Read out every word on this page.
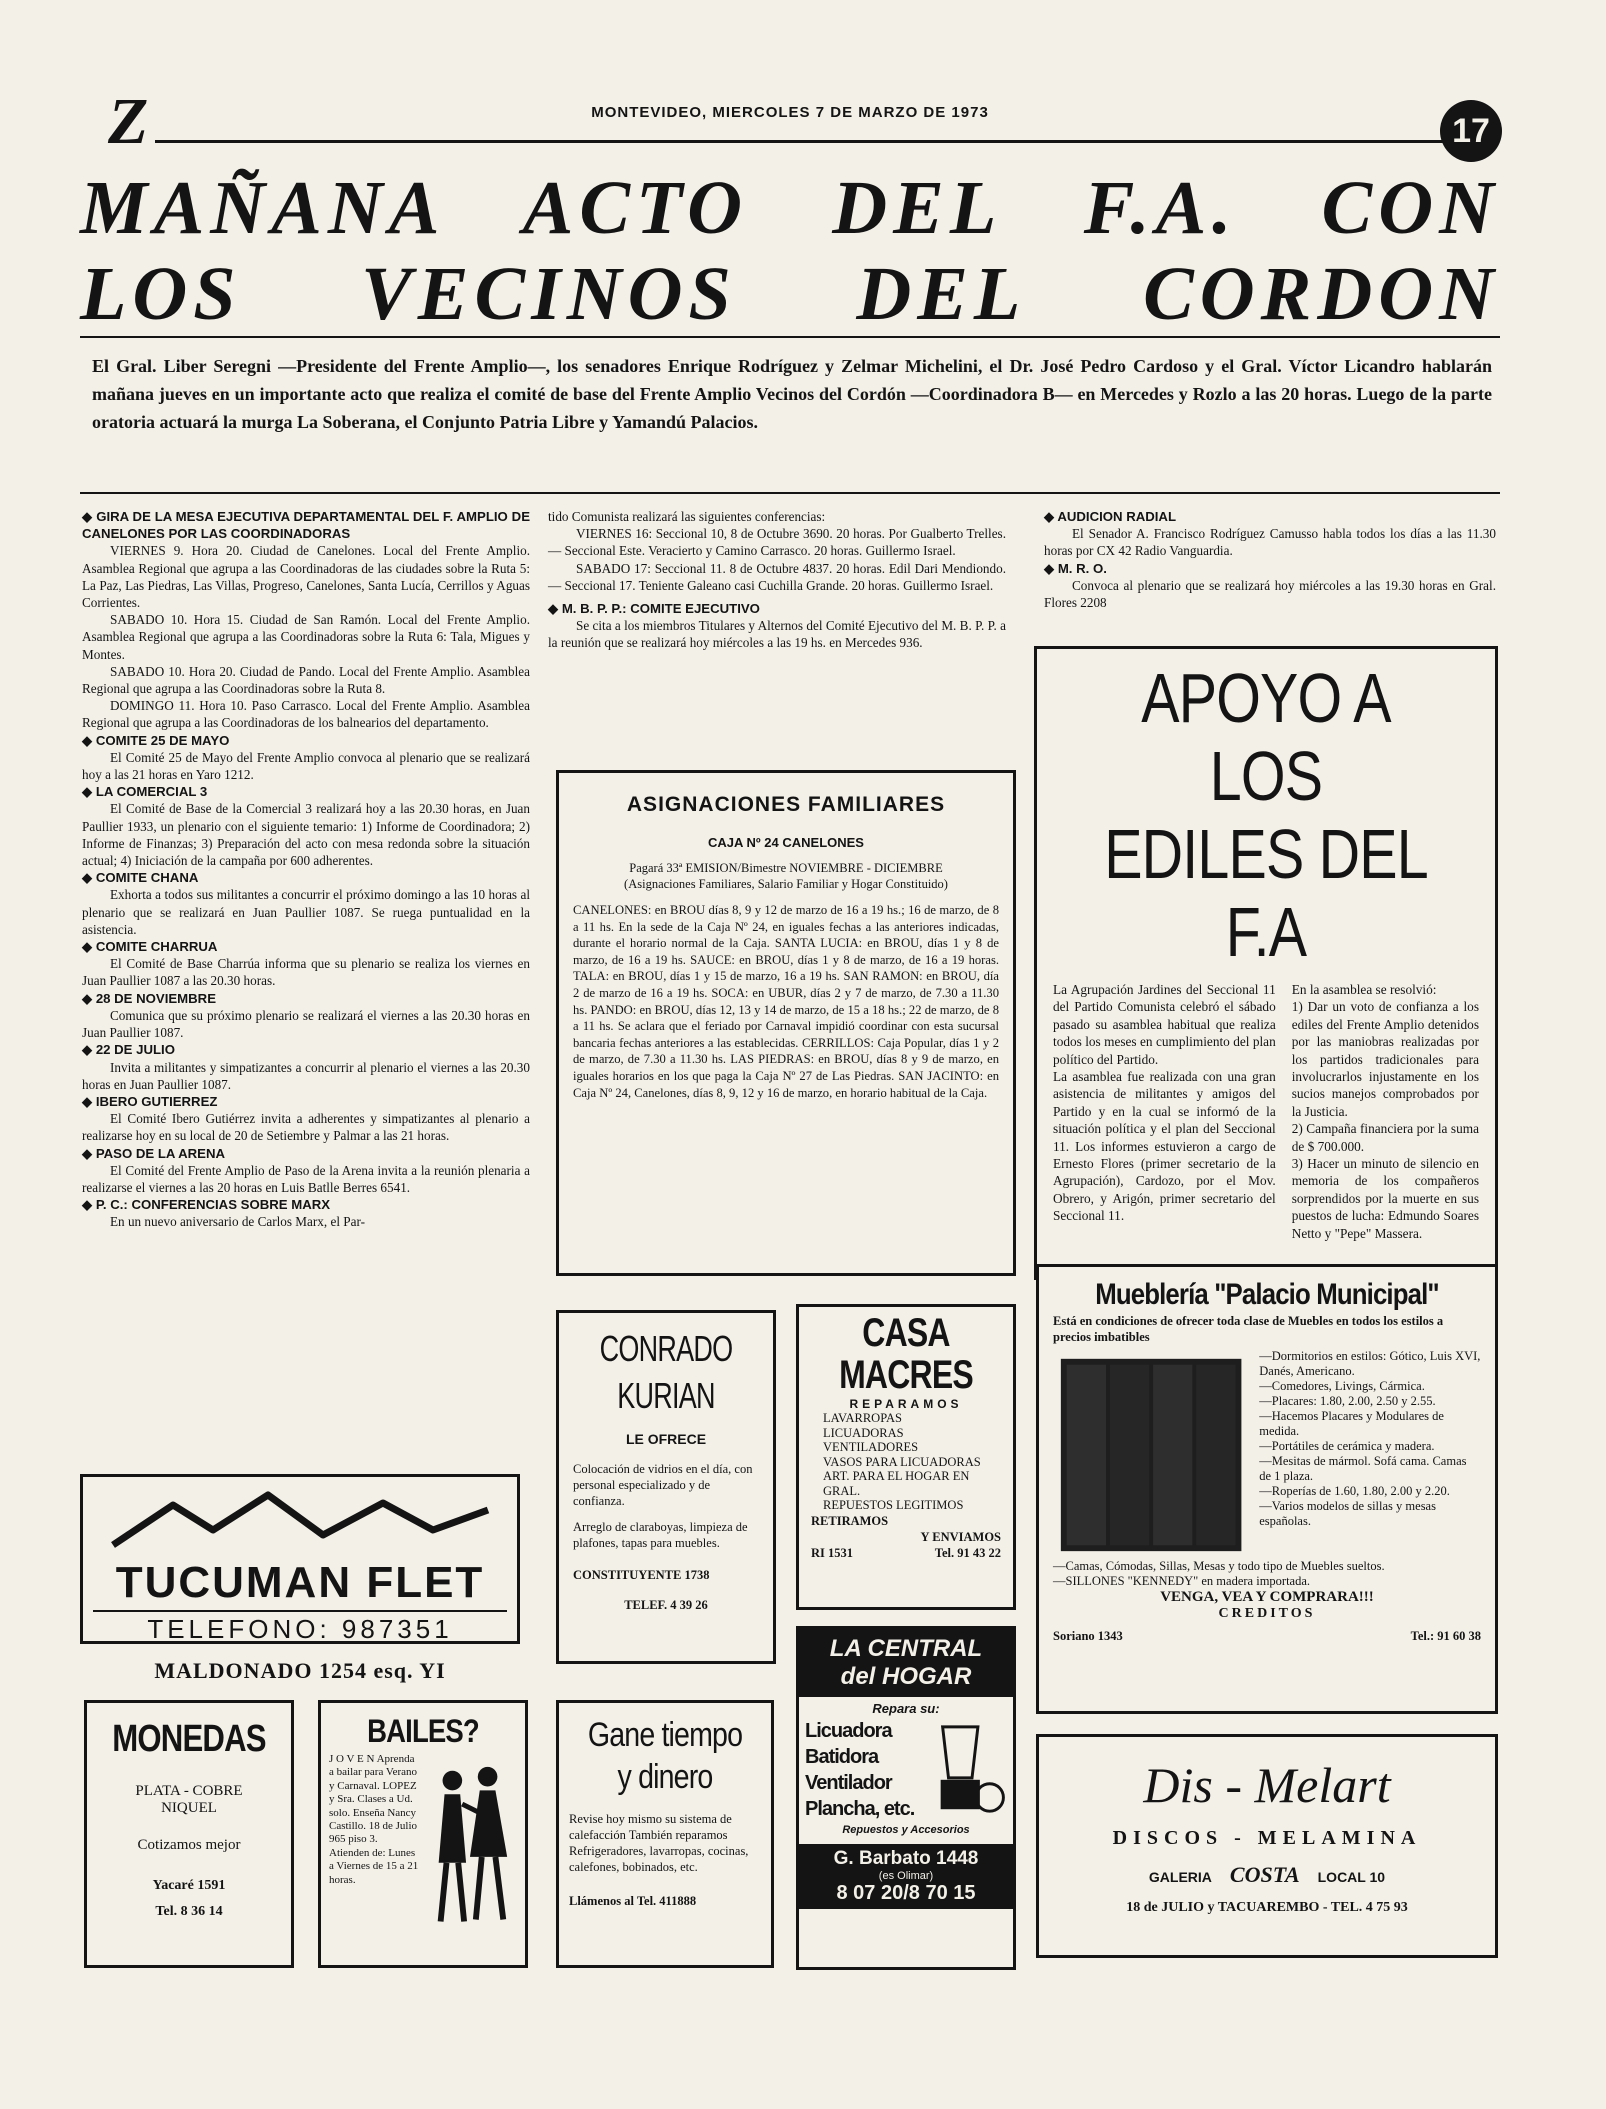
Z	MONTEVIDEO, MIERCOLES 7 DE MARZO DE 1973	17
MAÑANA ACTO DEL F.A. CON
LOS VECINOS DEL CORDON
El Gral. Liber Seregni —Presidente del Frente Amplio—, los senadores Enrique Rodríguez y Zelmar Michelini, el Dr. José Pedro Cardoso y el Gral. Víctor Licandro hablarán mañana jueves en un importante acto que realiza el comité de base del Frente Amplio Vecinos del Cordón —Coordinadora B— en Mercedes y Rozlo a las 20 horas. Luego de la parte oratoria actuará la murga La Soberana, el Conjunto Patria Libre y Yamandú Palacios.

◆ GIRA DE LA MESA EJECUTIVA DEPARTAMENTAL DEL F. AMPLIO DE CANELONES POR LAS COORDINADORAS

VIERNES 9. Hora 20. Ciudad de Canelones. Local del Frente Amplio. Asamblea Regional que agrupa a las Coordinadoras de las ciudades sobre la Ruta 5: La Paz, Las Piedras, Las Villas, Progreso, Canelones, Santa Lucía, Cerrillos y Aguas Corrientes.

SABADO 10. Hora 15. Ciudad de San Ramón. Local del Frente Amplio. Asamblea Regional que agrupa a las Coordinadoras sobre la Ruta 6: Tala, Migues y Montes.

SABADO 10. Hora 20. Ciudad de Pando. Local del Frente Amplio. Asamblea Regional que agrupa a las Coordinadoras sobre la Ruta 8.

DOMINGO 11. Hora 10. Paso Carrasco. Local del Frente Amplio. Asamblea Regional que agrupa a las Coordinadoras de los balnearios del departamento.

◆ COMITE 25 DE MAYO

El Comité 25 de Mayo del Frente Amplio convoca al plenario que se realizará hoy a las 21 horas en Yaro 1212.

◆ LA COMERCIAL 3

El Comité de Base de la Comercial 3 realizará hoy a las 20.30 horas, en Juan Paullier 1933, un plenario con el siguiente temario: 1) Informe de Coordinadora; 2) Informe de Finanzas; 3) Preparación del acto con mesa redonda sobre la situación actual; 4) Iniciación de la campaña por 600 adherentes.

◆ COMITE CHANA

Exhorta a todos sus militantes a concurrir el próximo domingo a las 10 horas al plenario que se realizará en Juan Paullier 1087. Se ruega puntualidad en la asistencia.

◆ COMITE CHARRUA

El Comité de Base Charrúa informa que su plenario se realiza los viernes en Juan Paullier 1087 a las 20.30 horas.

◆ 28 DE NOVIEMBRE

Comunica que su próximo plenario se realizará el viernes a las 20.30 horas en Juan Paullier 1087.

◆ 22 DE JULIO

Invita a militantes y simpatizantes a concurrir al plenario el viernes a las 20.30 horas en Juan Paullier 1087.

◆ IBERO GUTIERREZ

El Comité Ibero Gutiérrez invita a adherentes y simpatizantes al plenario a realizarse hoy en su local de 20 de Setiembre y Palmar a las 21 horas.

◆ PASO DE LA ARENA

El Comité del Frente Amplio de Paso de la Arena invita a la reunión plenaria a realizarse el viernes a las 20 horas en Luis Batlle Berres 6541.

◆ P. C.: CONFERENCIAS SOBRE MARX

En un nuevo aniversario de Carlos Marx, el Par-

tido Comunista realizará las siguientes conferencias:

VIERNES 16: Seccional 10, 8 de Octubre 3690. 20 horas. Por Gualberto Trelles. — Seccional Este. Veracierto y Camino Carrasco. 20 horas. Guillermo Israel.

SABADO 17: Seccional 11. 8 de Octubre 4837. 20 horas. Edil Dari Mendiondo. — Seccional 17. Teniente Galeano casi Cuchilla Grande. 20 horas. Guillermo Israel.

◆ M. B. P. P.: COMITE EJECUTIVO

Se cita a los miembros Titulares y Alternos del Comité Ejecutivo del M. B. P. P. a la reunión que se realizará hoy miércoles a las 19 hs. en Mercedes 936.

ASIGNACIONES FAMILIARES
CAJA Nº 24 CANELONES
Pagará 33ª EMISION/Bimestre NOVIEMBRE - DICIEMBRE (Asignaciones Familiares, Salario Familiar y Hogar Constituido)
CANELONES: en BROU días 8, 9 y 12 de marzo de 16 a 19 hs.; 16 de marzo, de 8 a 11 hs. En la sede de la Caja Nº 24, en iguales fechas a las anteriores indicadas, durante el horario normal de la Caja. SANTA LUCIA: en BROU, días 1 y 8 de marzo, de 16 a 19 hs. SAUCE: en BROU, días 1 y 8 de marzo, de 16 a 19 horas. TALA: en BROU, días 1 y 15 de marzo, 16 a 19 hs. SAN RAMON: en BROU, día 2 de marzo de 16 a 19 hs. SOCA: en UBUR, días 2 y 7 de marzo, de 7.30 a 11.30 hs. PANDO: en BROU, días 12, 13 y 14 de marzo, de 15 a 18 hs.; 22 de marzo, de 8 a 11 hs. Se aclara que el feriado por Carnaval impidió coordinar con esta sucursal bancaria fechas anteriores a las establecidas. CERRILLOS: Caja Popular, días 1 y 2 de marzo, de 7.30 a 11.30 hs. LAS PIEDRAS: en BROU, días 8 y 9 de marzo, en iguales horarios en los que paga la Caja Nº 27 de Las Piedras. SAN JACINTO: en Caja Nº 24, Canelones, días 8, 9, 12 y 16 de marzo, en horario habitual de la Caja.

◆ AUDICION RADIAL

El Senador A. Francisco Rodríguez Camusso habla todos los días a las 11.30 horas por CX 42 Radio Vanguardia.

◆ M. R. O.

Convoca al plenario que se realizará hoy miércoles a las 19.30 horas en Gral. Flores 2208

APOYO A LOS
EDILES DEL F.A
La Agrupación Jardines del Seccional 11 del Partido Comunista celebró el sábado pasado su asamblea habitual que realiza todos los meses en cumplimiento del plan político del Partido.
La asamblea fue realizada con una gran asistencia de militantes y amigos del Partido y en la cual se informó de la situación política y el plan del Seccional 11. Los informes estuvieron a cargo de Ernesto Flores (primer secretario de la Agrupación), Cardozo, por el Mov. Obrero, y Arigón, primer secretario del Seccional 11.
En la asamblea se resolvió:
1) Dar un voto de confianza a los ediles del Frente Amplio detenidos por las maniobras realizadas por los partidos tradicionales para involucrarlos injustamente en los sucios manejos comprobados por la Justicia.
2) Campaña financiera por la suma de $ 700.000.
3) Hacer un minuto de silencio en memoria de los compañeros sorprendidos por la muerte en sus puestos de lucha: Edmundo Soares Netto y "Pepe" Massera.
TUCUMAN FLET
TELEFONO: 987351
MALDONADO 1254 esq. YI
CONRADO
KURIAN
LE OFRECE
Colocación de vidrios en el día, con personal especializado y de confianza.
Arreglo de claraboyas, limpieza de plafones, tapas para muebles.
CONSTITUYENTE 1738
TELEF. 4 39 26
CASA
MACRES
REPARAMOS
LAVARROPAS
LICUADORAS
VENTILADORES
VASOS PARA LICUADORAS
ART. PARA EL HOGAR EN GRAL.
REPUESTOS LEGITIMOS
RETIRAMOS
Y ENVIAMOS
RI 1531	Tel. 91 43 22
Mueblería "Palacio Municipal"
Está en condiciones de ofrecer toda clase de Muebles en todos los estilos a precios imbatibles
—Dormitorios en estilos: Gótico, Luis XVI, Danés, Americano.
—Comedores, Livings, Cármica.
—Placares: 1.80, 2.00, 2.50 y 2.55.
—Hacemos Placares y Modulares de medida.
—Portátiles de cerámica y madera.
—Mesitas de mármol. Sofá cama. Camas de 1 plaza.
—Roperías de 1.60, 1.80, 2.00 y 2.20.
—Varios modelos de sillas y mesas españolas.
—Camas, Cómodas, Sillas, Mesas y todo tipo de Muebles sueltos.
—SILLONES "KENNEDY" en madera importada.
VENGA, VEA Y COMPRARA!!!
CREDITOS
Soriano 1343	Tel.: 91 60 38
MONEDAS
PLATA - COBRE
NIQUEL
Cotizamos mejor
Yacaré 1591
Tel. 8 36 14
BAILES?
J O V E N Aprenda a bailar para Verano y Carnaval. LOPEZ y Sra. Clases a Ud. solo. Enseña Nancy Castillo. 18 de Julio 965 piso 3. Atienden de: Lunes a Viernes de 15 a 21 horas.
Gane tiempo
y dinero
Revise hoy mismo su sistema de calefacción También reparamos Refrigeradores, lavarropas, cocinas, calefones, bobinados, etc.
Llámenos al Tel. 411888
LA CENTRAL
del HOGAR
Repara su:
Licuadora
Batidora
Ventilador
Plancha, etc.
Repuestos y Accesorios
G. Barbato 1448
(es Olimar)
8 07 20/8 70 15
Dis - Melart
DISCOS - MELAMINA
GALERIA COSTA LOCAL 10
18 de JULIO y TACUAREMBO - TEL. 4 75 93
